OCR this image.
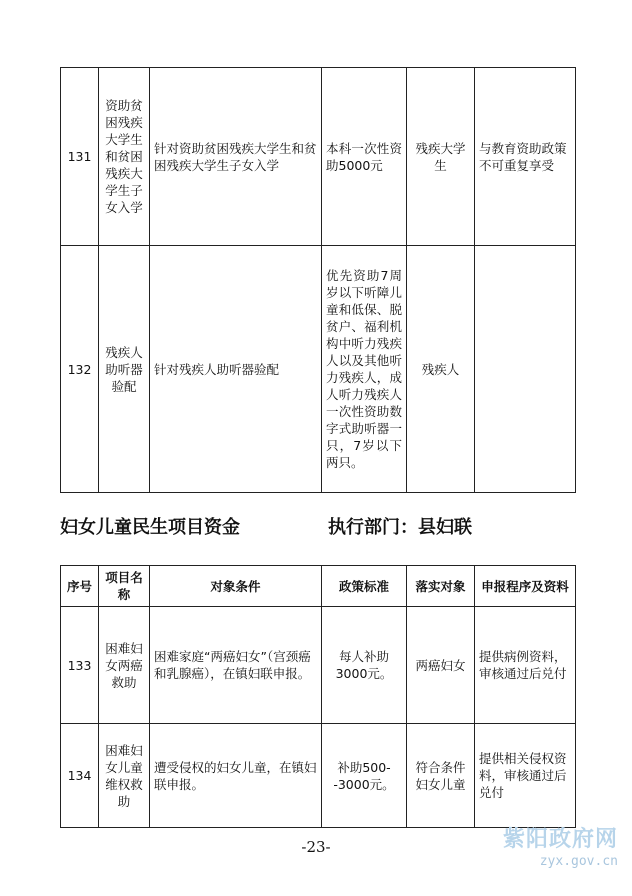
131	资助贫困残疾大学生和贫困残疾大学生子女入学	针对资助贫困残疾大学生和贫困残疾大学生子女入学	本科一次性资助5000元	残疾大学生	与教育资助政策不可重复享受
132	残疾人助听器验配	针对残疾人助听器验配	优先资助7周岁以下听障儿童和低保、脱贫户、福利机构中听力残疾人以及其他听力残疾人，成人听力残疾人一次性资助数字式助听器一只，7岁以下两只。	残疾人	
妇女儿童民生项目资金	执行部门：县妇联
序号	项目名称	对象条件	政策标准	落实对象	申报程序及资料
133	困难妇女两癌救助	困难家庭“两癌妇女”（宫颈癌和乳腺癌），在镇妇联申报。	每人补助3000元。	两癌妇女	提供病例资料，审核通过后兑付
134	困难妇女儿童维权救助	遭受侵权的妇女儿童，在镇妇联申报。	补助500--3000元。	符合条件妇女儿童	提供相关侵权资料，审核通过后兑付
-23-	紫阳政府网
zyx.gov.cn
